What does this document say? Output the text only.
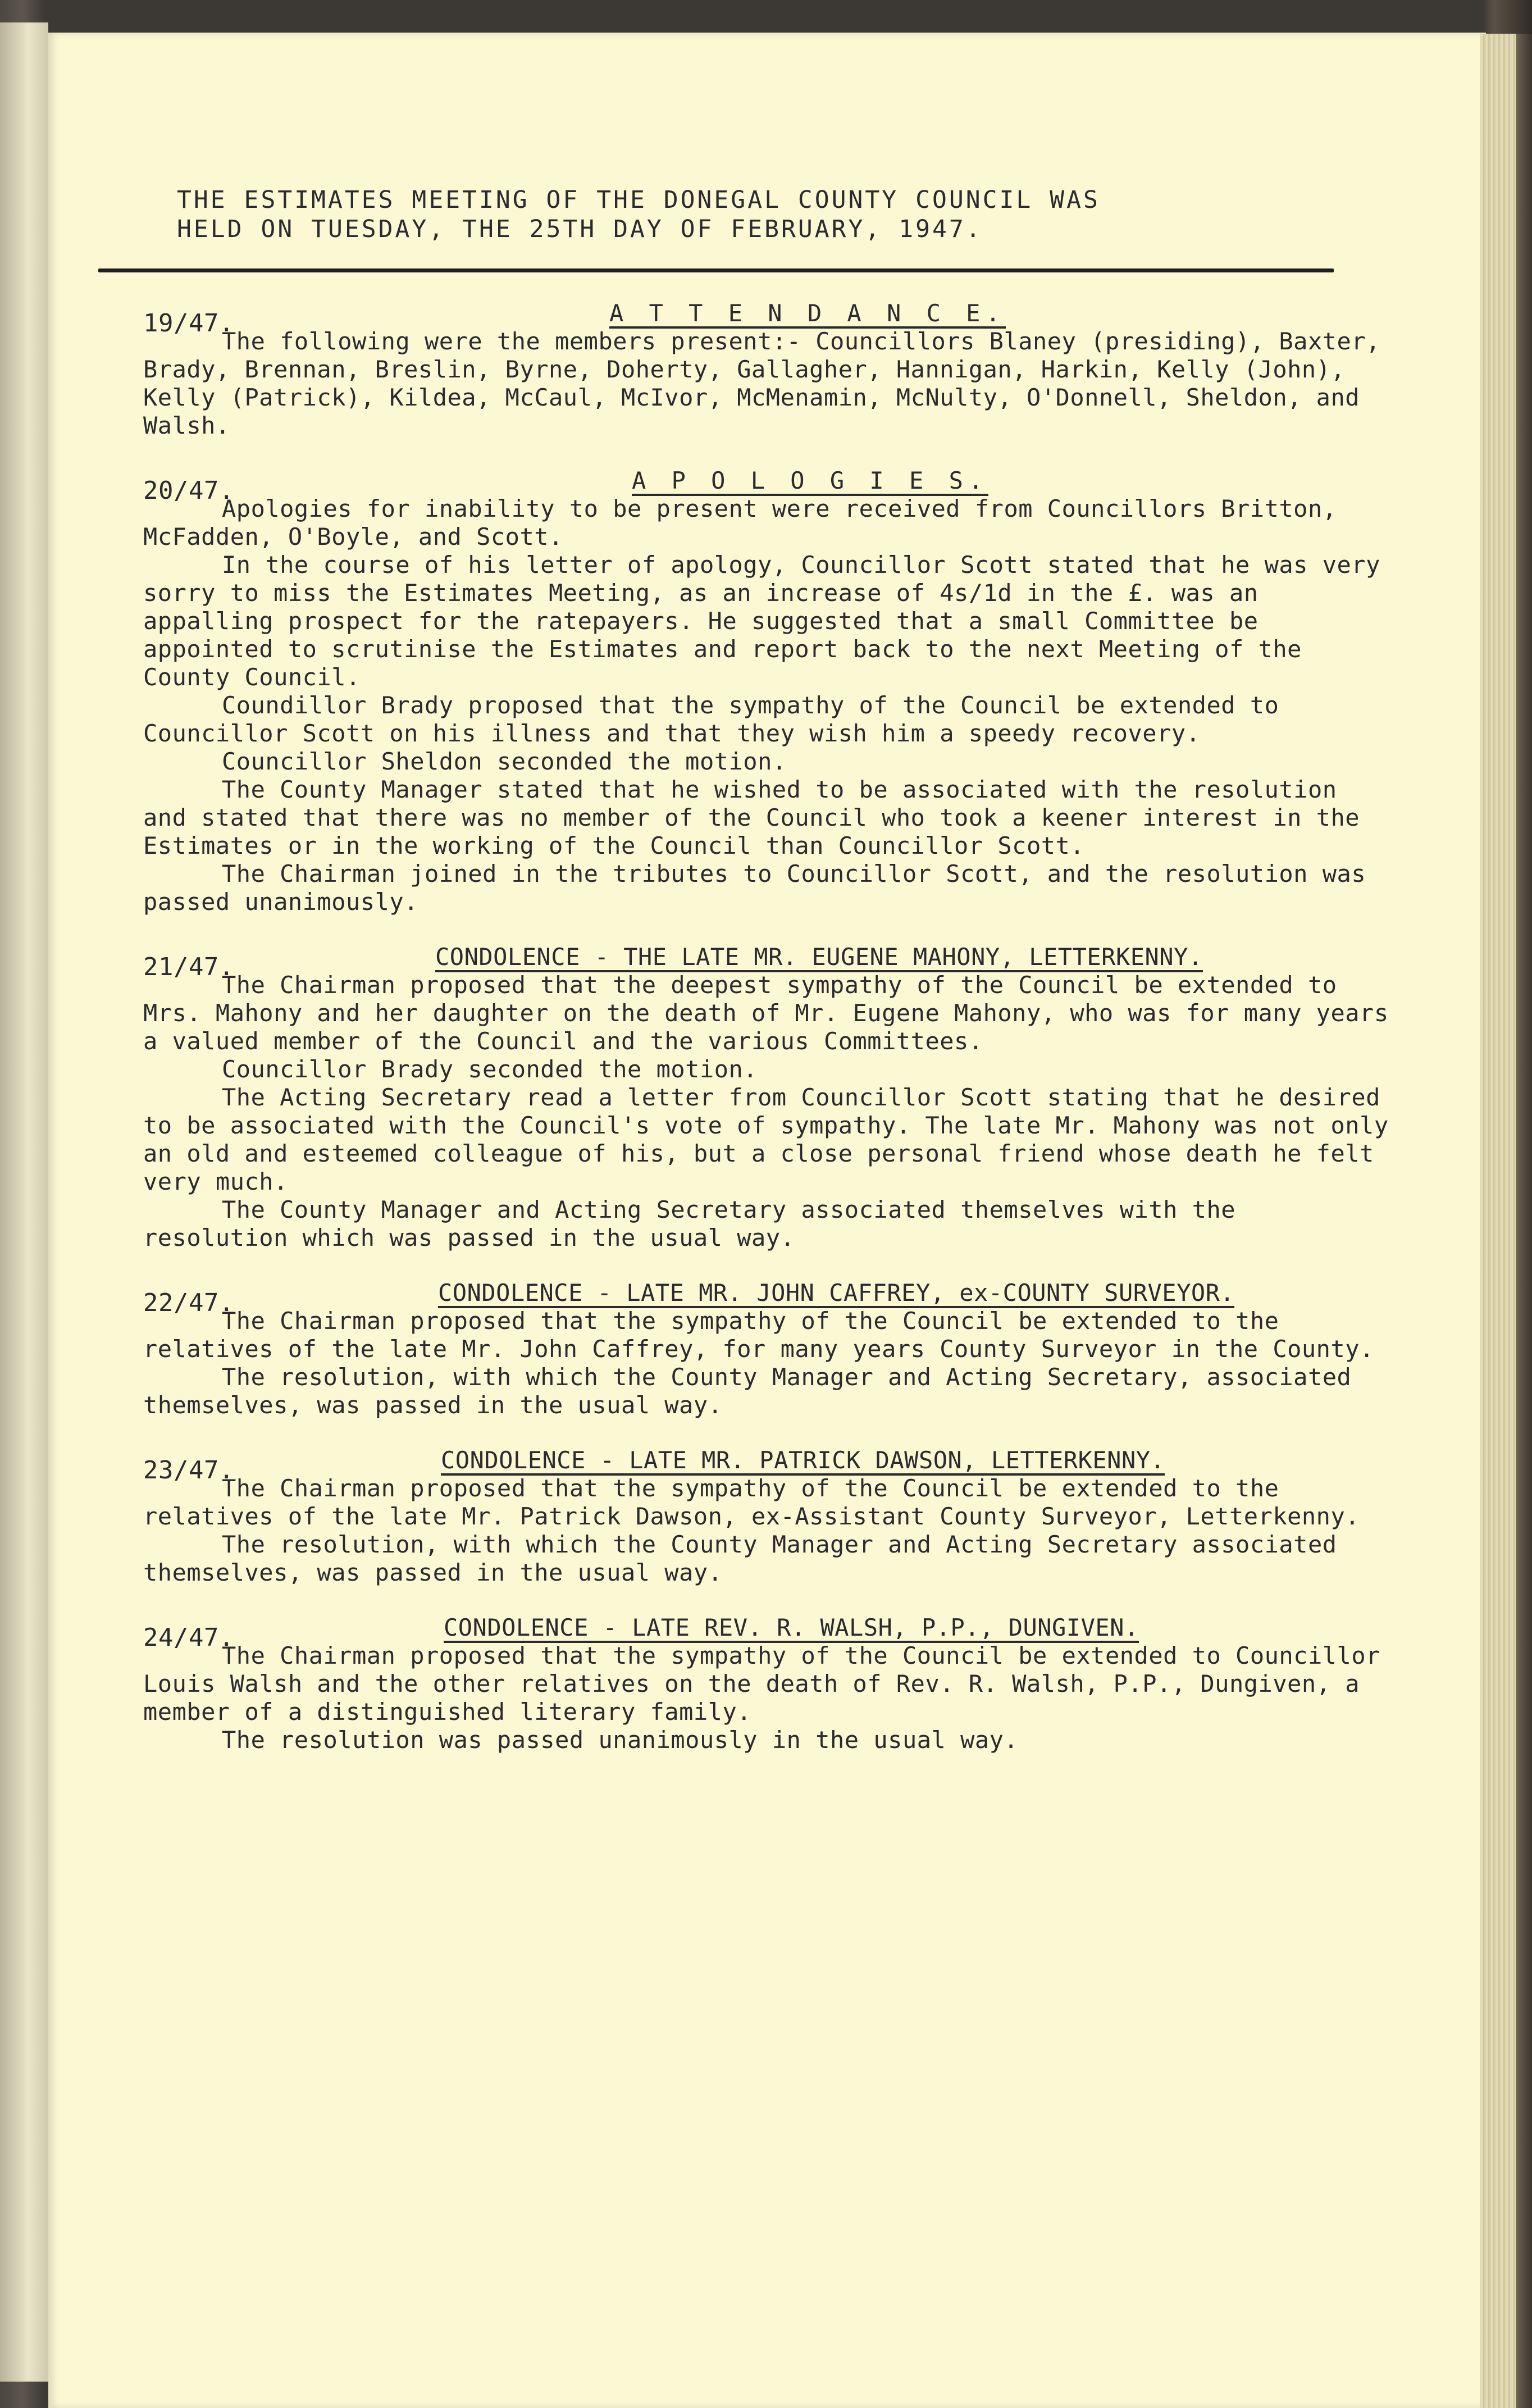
THE ESTIMATES MEETING OF THE DONEGAL COUNTY COUNCIL WAS
HELD ON TUESDAY, THE 25TH DAY OF FEBRUARY, 1947.
19/47.	A T T E N D A N C E.

The following were the members present:- Councillors Blaney (presiding), Baxter, Brady, Brennan, Breslin, Byrne, Doherty, Gallagher, Hannigan, Harkin, Kelly (John), Kelly (Patrick), Kildea, McCaul, McIvor, McMenamin, McNulty, O'Donnell, Sheldon, and Walsh.

20/47.	A P O L O G I E S.

Apologies for inability to be present were received from Councillors Britton, McFadden, O'Boyle, and Scott.

In the course of his letter of apology, Councillor Scott stated that he was very sorry to miss the Estimates Meeting, as an increase of 4s/1d in the £. was an appalling prospect for the ratepayers. He suggested that a small Committee be appointed to scrutinise the Estimates and report back to the next Meeting of the County Council.

Coundillor Brady proposed that the sympathy of the Council be extended to Councillor Scott on his illness and that they wish him a speedy recovery.

Councillor Sheldon seconded the motion.

The County Manager stated that he wished to be associated with the resolution and stated that there was no member of the Council who took a keener interest in the Estimates or in the working of the Council than Councillor Scott.

The Chairman joined in the tributes to Councillor Scott, and the resolution was passed unanimously.

21/47.	CONDOLENCE - THE LATE MR. EUGENE MAHONY, LETTERKENNY.

The Chairman proposed that the deepest sympathy of the Council be extended to Mrs. Mahony and her daughter on the death of Mr. Eugene Mahony, who was for many years a valued member of the Council and the various Committees.

Councillor Brady seconded the motion.

The Acting Secretary read a letter from Councillor Scott stating that he desired to be associated with the Council's vote of sympathy. The late Mr. Mahony was not only an old and esteemed colleague of his, but a close personal friend whose death he felt very much.

The County Manager and Acting Secretary associated themselves with the resolution which was passed in the usual way.

22/47.	CONDOLENCE - LATE MR. JOHN CAFFREY, ex-COUNTY SURVEYOR.

The Chairman proposed that the sympathy of the Council be extended to the relatives of the late Mr. John Caffrey, for many years County Surveyor in the County.

The resolution, with which the County Manager and Acting Secretary, associated themselves, was passed in the usual way.

23/47.	CONDOLENCE - LATE MR. PATRICK DAWSON, LETTERKENNY.

The Chairman proposed that the sympathy of the Council be extended to the relatives of the late Mr. Patrick Dawson, ex-Assistant County Surveyor, Letterkenny.

The resolution, with which the County Manager and Acting Secretary associated themselves, was passed in the usual way.

24/47.	CONDOLENCE - LATE REV. R. WALSH, P.P., DUNGIVEN.

The Chairman proposed that the sympathy of the Council be extended to Councillor Louis Walsh and the other relatives on the death of Rev. R. Walsh, P.P., Dungiven, a member of a distinguished literary family.

The resolution was passed unanimously in the usual way.
